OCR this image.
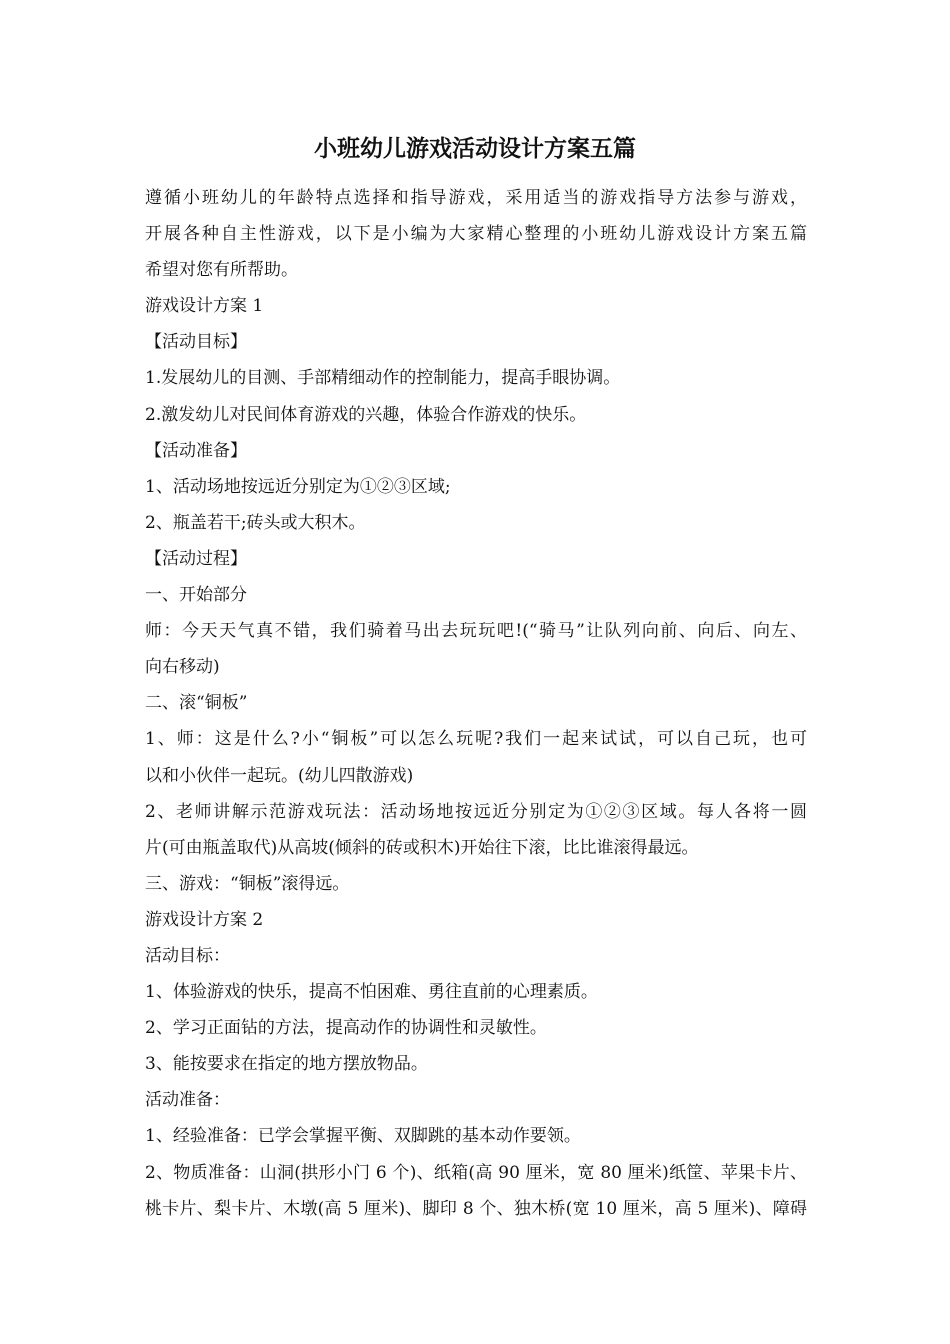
小班幼儿游戏活动设计方案五篇
遵循小班幼儿的年龄特点选择和指导游戏，采用适当的游戏指导方法参与游戏，
开展各种自主性游戏，以下是小编为大家精心整理的小班幼儿游戏设计方案五篇
希望对您有所帮助。
游戏设计方案 1
【活动目标】
1.发展幼儿的目测、手部精细动作的控制能力，提高手眼协调。
2.激发幼儿对民间体育游戏的兴趣，体验合作游戏的快乐。
【活动准备】
1、活动场地按远近分别定为①②③区域;
2、瓶盖若干;砖头或大积木。
【活动过程】
一、开始部分
师：今天天气真不错，我们骑着马出去玩玩吧!(“骑马”让队列向前、向后、向左、
向右移动)
二、滚“铜板”
1、师：这是什么?小“铜板”可以怎么玩呢?我们一起来试试，可以自己玩，也可
以和小伙伴一起玩。(幼儿四散游戏)
2、老师讲解示范游戏玩法：活动场地按远近分别定为①②③区域。每人各将一圆
片(可由瓶盖取代)从高坡(倾斜的砖或积木)开始往下滚，比比谁滚得最远。
三、游戏：“铜板”滚得远。
游戏设计方案 2
活动目标：
1、体验游戏的快乐，提高不怕困难、勇往直前的心理素质。
2、学习正面钻的方法，提高动作的协调性和灵敏性。
3、能按要求在指定的地方摆放物品。
活动准备：
1、经验准备：已学会掌握平衡、双脚跳的基本动作要领。
2、物质准备：山洞(拱形小门 6 个)、纸箱(高 90 厘米，宽 80 厘米)纸筐、苹果卡片、
桃卡片、梨卡片、木墩(高 5 厘米)、脚印 8 个、独木桥(宽 10 厘米，高 5 厘米)、障碍
